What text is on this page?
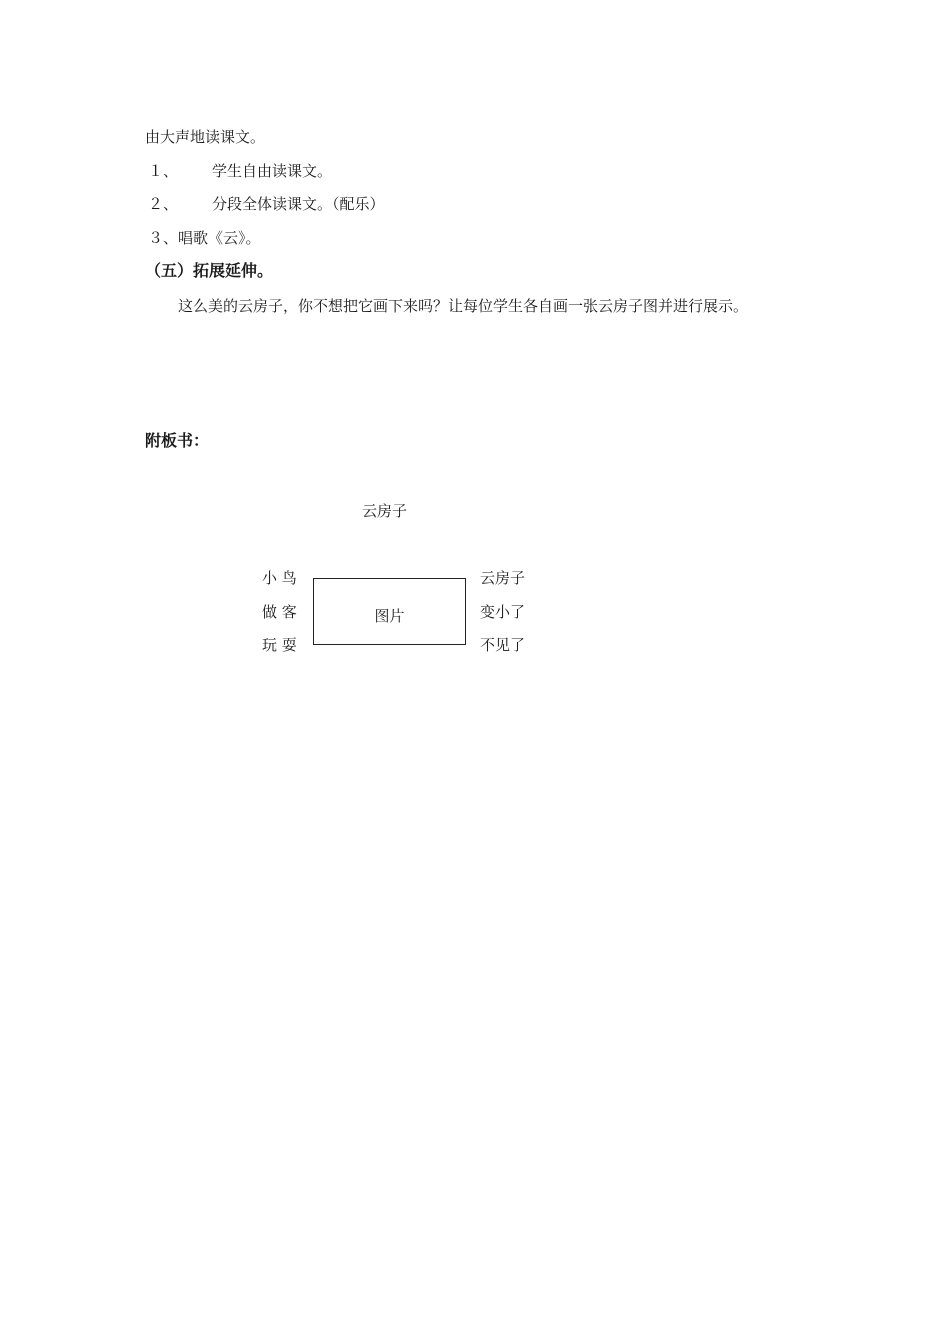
由大声地读课文。
１、 学生自由读课文。
２、 分段全体读课文。（配乐）
３、唱歌《云》。
（五）拓展延伸。
这么美的云房子，你不想把它画下来吗？让每位学生各自画一张云房子图并进行展示。
附板书：
云房子
小 鸟
做 客
玩 耍
图片
云房子
变小了
不见了
